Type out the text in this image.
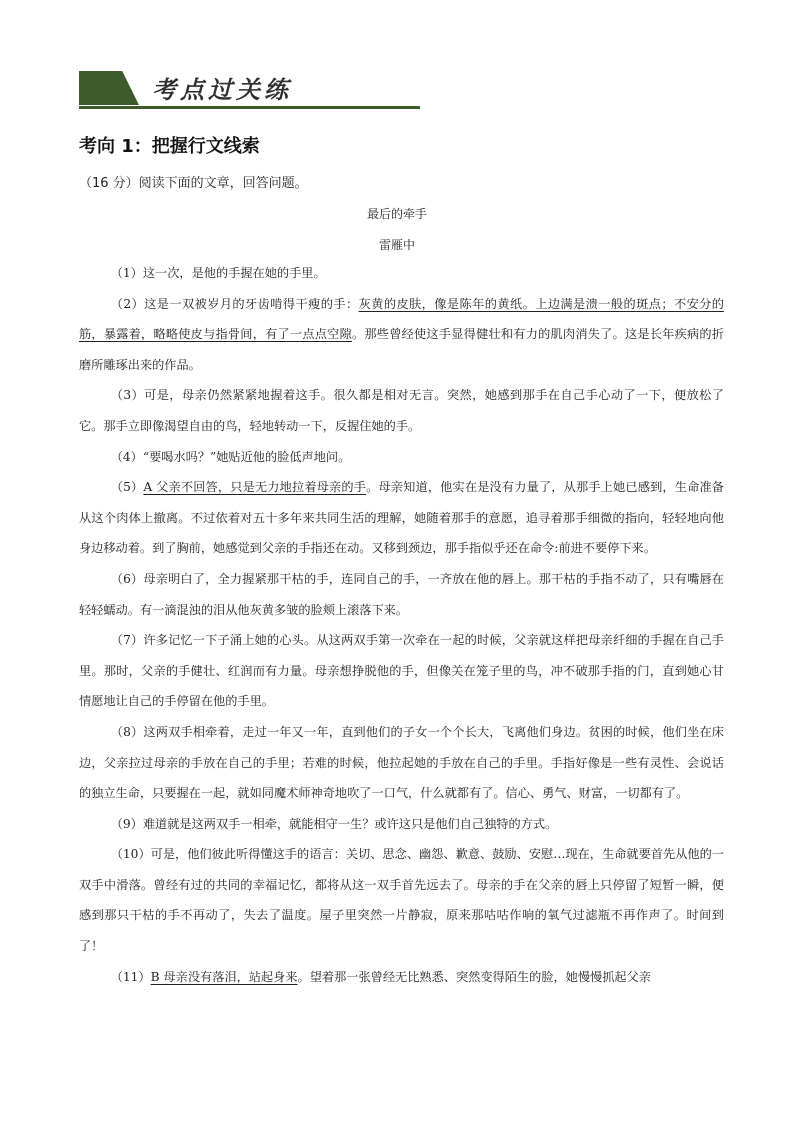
考点过关练
考向 1：把握行文线索
（16 分）阅读下面的文章，回答问题。
最后的牵手
雷雁中

（1）这一次，是他的手握在她的手里。

（2）这是一双被岁月的牙齿啃得干瘦的手：灰黄的皮肤，像是陈年的黄纸。上边满是溃一般的斑点；不安分的筋，暴露着，略略使皮与指骨间，有了一点点空隙。那些曾经使这手显得健壮和有力的肌肉消失了。这是长年疾病的折磨所雕琢出来的作品。

（3）可是，母亲仍然紧紧地握着这手。很久都是相对无言。突然，她感到那手在自己手心动了一下，便放松了它。那手立即像渴望自由的鸟，轻地转动一下，反握住她的手。

（4）“要喝水吗？”她贴近他的脸低声地问。

（5）A 父亲不回答，只是无力地拉着母亲的手。母亲知道，他实在是没有力量了，从那手上她已感到，生命准备从这个肉体上撤离。不过依着对五十多年来共同生活的理解，她随着那手的意愿，追寻着那手细微的指向，轻轻地向他身边移动着。到了胸前，她感觉到父亲的手指还在动。又移到颈边，那手指似乎还在命令:前进不要停下来。

（6）母亲明白了，全力握紧那干枯的手，连同自己的手，一齐放在他的唇上。那干枯的手指不动了，只有嘴唇在轻轻蠕动。有一滴混浊的泪从他灰黄多皱的脸颊上滚落下来。

（7）许多记忆一下子涌上她的心头。从这两双手第一次牵在一起的时候，父亲就这样把母亲纤细的手握在自己手里。那时，父亲的手健壮、红润而有力量。母亲想挣脱他的手，但像关在笼子里的鸟，冲不破那手指的门，直到她心甘情愿地让自己的手停留在他的手里。

（8）这两双手相牵着，走过一年又一年，直到他们的子女一个个长大，飞离他们身边。贫困的时候，他们坐在床边，父亲拉过母亲的手放在自己的手里；若难的时候，他拉起她的手放在自己的手里。手指好像是一些有灵性、会说话的独立生命，只要握在一起，就如同魔术师神奇地吹了一口气，什么就都有了。信心、勇气、财富，一切都有了。

（9）难道就是这两双手一相牵，就能相守一生？或许这只是他们自己独特的方式。

（10）可是，他们彼此听得懂这手的语言：关切、思念、幽怨、歉意、鼓励、安慰…现在，生命就要首先从他的一双手中滑落。曾经有过的共同的幸福记忆，都将从这一双手首先远去了。母亲的手在父亲的唇上只停留了短暂一瞬，便感到那只干枯的手不再动了，失去了温度。屋子里突然一片静寂，原来那咕咕作响的氧气过滤瓶不再作声了。时间到了！

（11）B 母亲没有落泪，站起身来。望着那一张曾经无比熟悉、突然变得陌生的脸，她慢慢抓起父亲
